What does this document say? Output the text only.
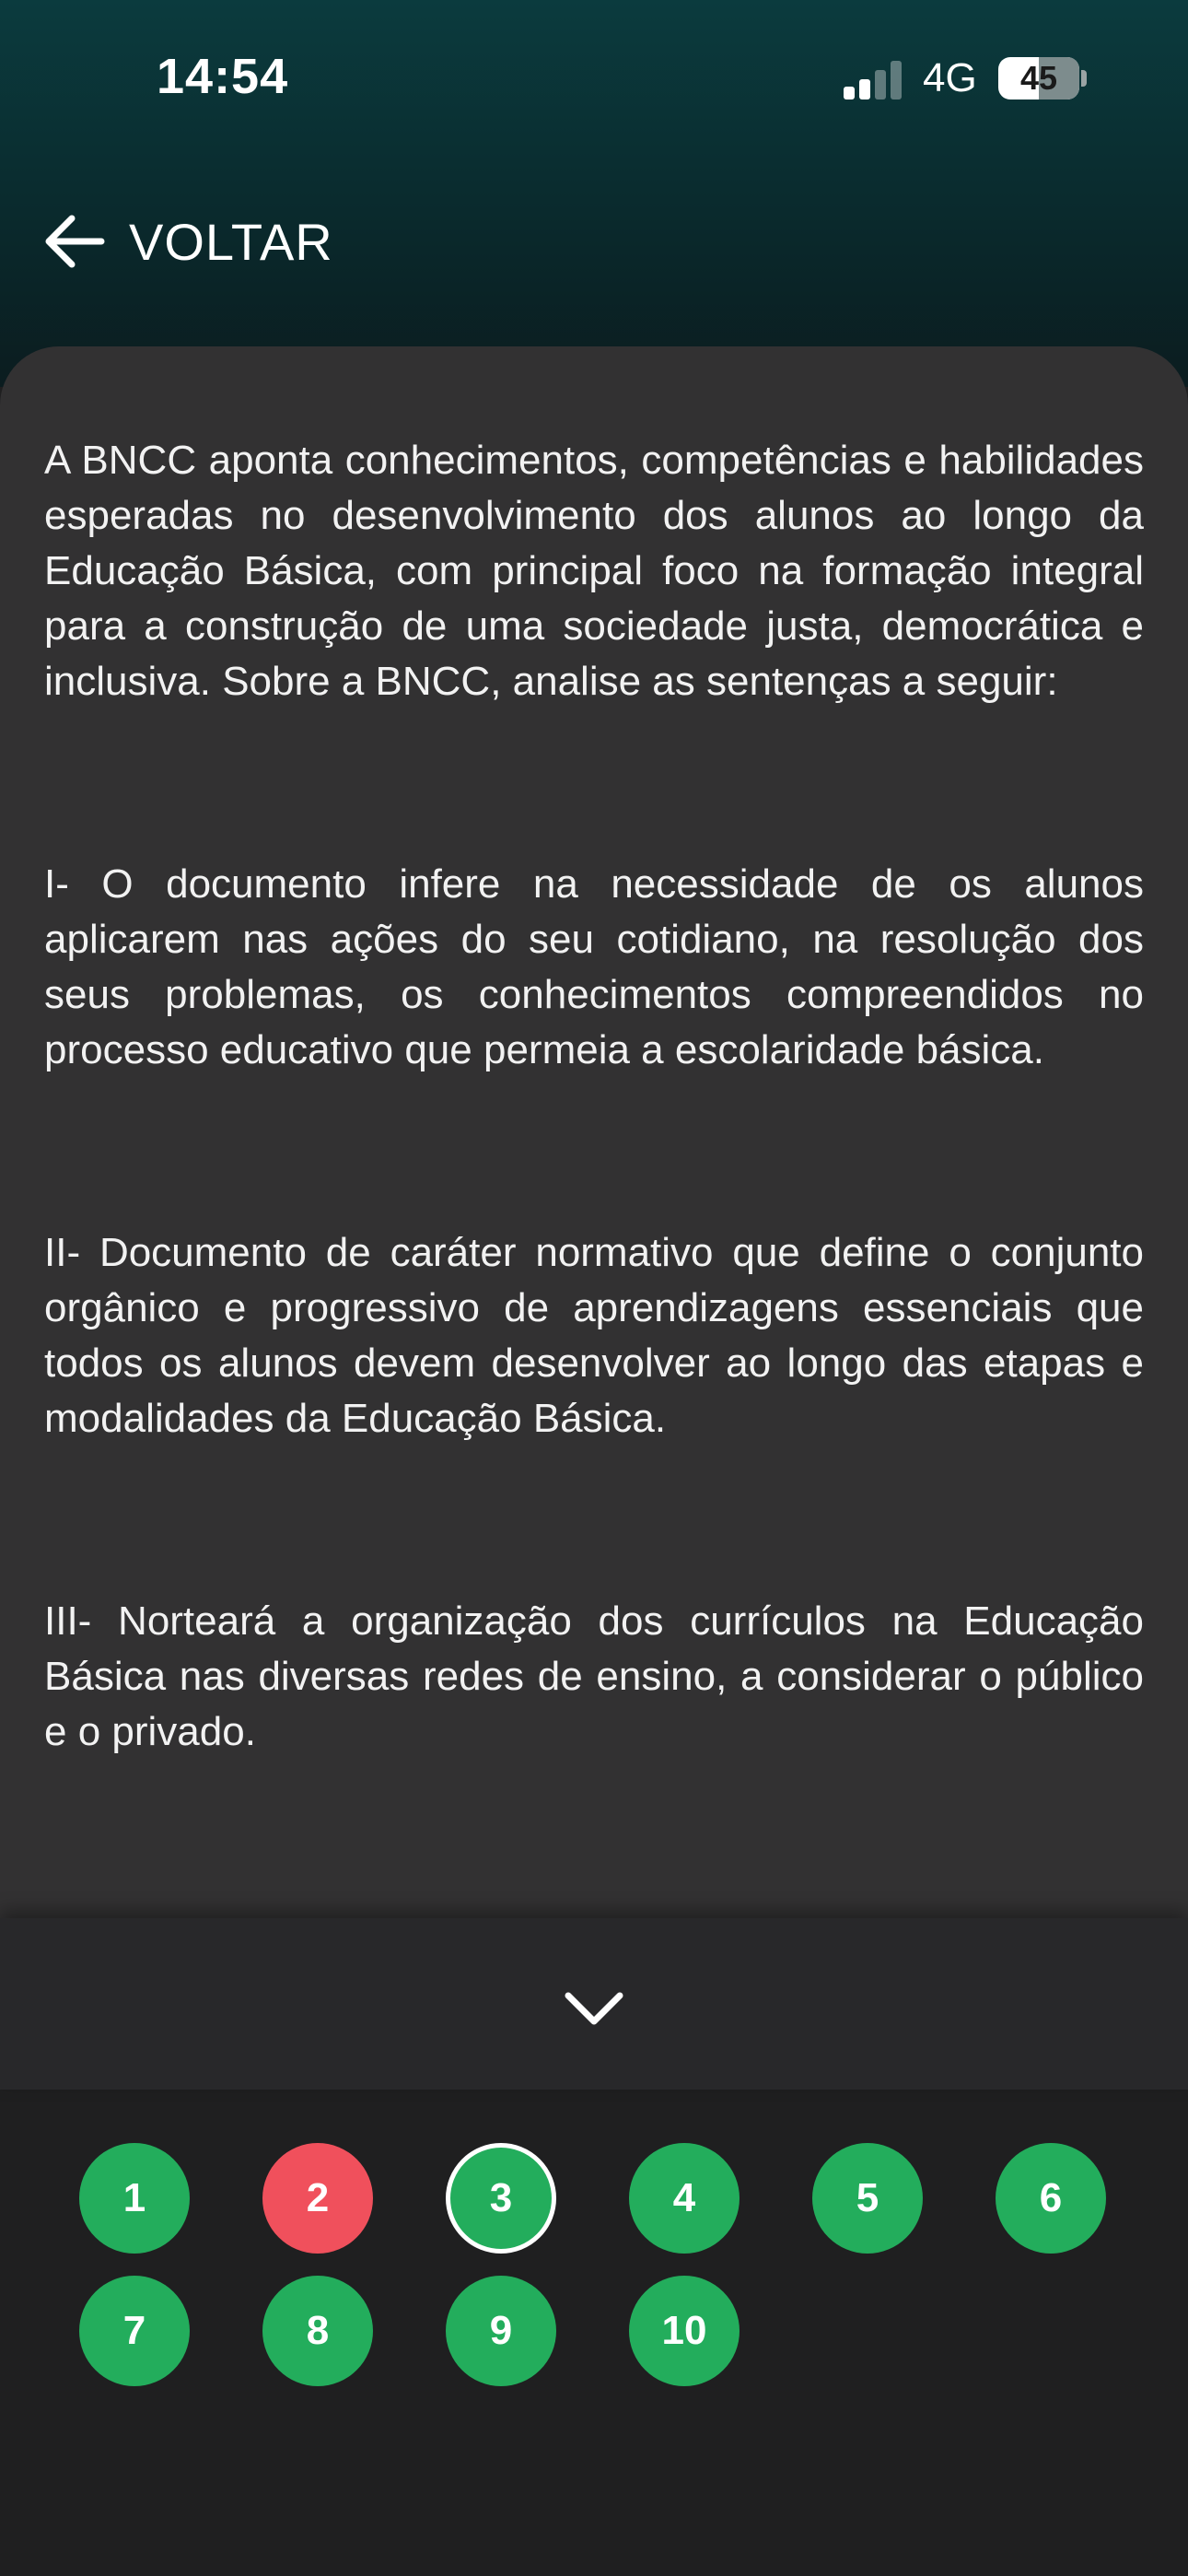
14:54	4G	45
VOLTAR

A BNCC aponta conhecimentos, competências e habilidades esperadas no desenvolvimento dos alunos ao longo da Educação Básica, com principal foco na formação integral para a construção de uma sociedade justa, democrática e inclusiva. Sobre a BNCC, analise as sentenças a seguir:

I- O documento infere na necessidade de os alunos aplicarem nas ações do seu cotidiano, na resolução dos seus problemas, os conhecimentos compreendidos no processo educativo que permeia a escolaridade básica.

II- Documento de caráter normativo que define o conjunto orgânico e progressivo de aprendizagens essenciais que todos os alunos devem desenvolver ao longo das etapas e modalidades da Educação Básica.

III- Norteará a organização dos currículos na Educação Básica nas diversas redes de ensino, a considerar o público e o privado.

1	2	3	4	5	6
7	8	9	10
